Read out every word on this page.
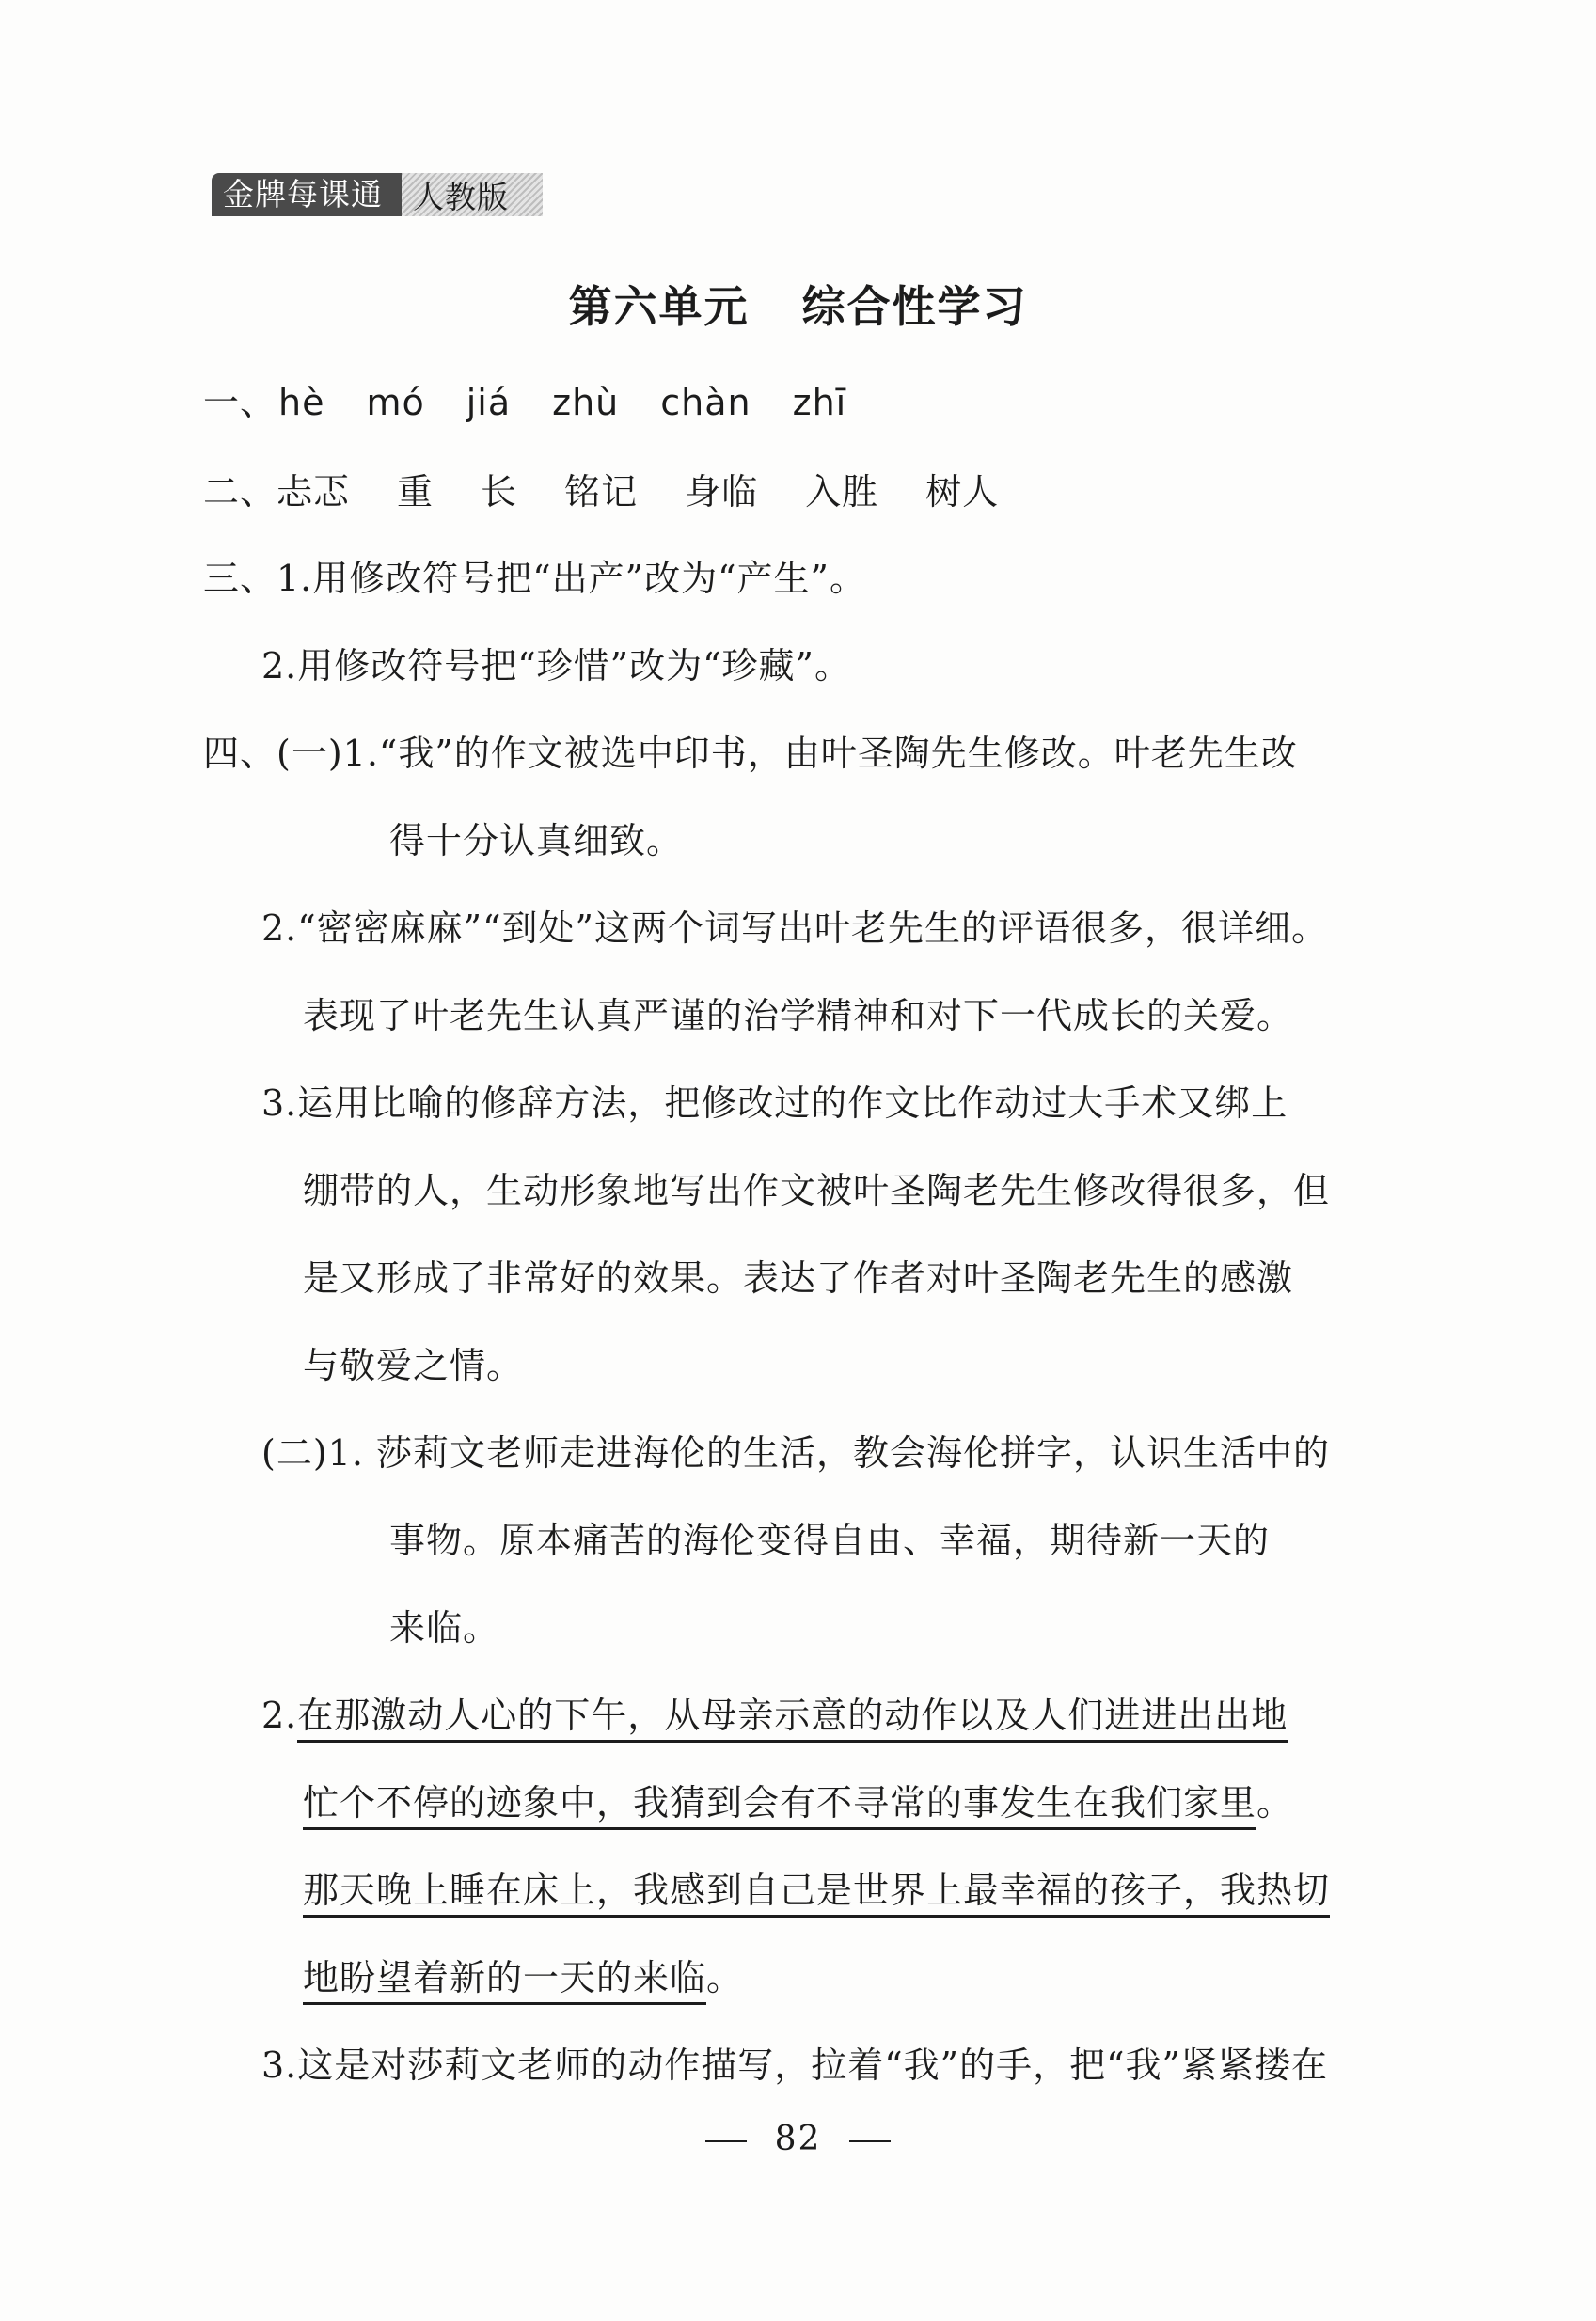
金牌每课通 人教版
第六单元 综合性学习
一、hè mó jiá zhù chàn zhī
二、忐忑 重 长 铭记 身临 入胜 树人
三、1.用修改符号把“出产”改为“产生”。
2.用修改符号把“珍惜”改为“珍藏”。
四、(一)1.“我”的作文被选中印书，由叶圣陶先生修改。叶老先生改
得十分认真细致。
2.“密密麻麻”“到处”这两个词写出叶老先生的评语很多，很详细。
表现了叶老先生认真严谨的治学精神和对下一代成长的关爱。
3.运用比喻的修辞方法，把修改过的作文比作动过大手术又绑上
绷带的人，生动形象地写出作文被叶圣陶老先生修改得很多，但
是又形成了非常好的效果。表达了作者对叶圣陶老先生的感激
与敬爱之情。
(二)1. 莎莉文老师走进海伦的生活，教会海伦拼字，认识生活中的
事物。原本痛苦的海伦变得自由、幸福，期待新一天的
来临。
2.在那激动人心的下午，从母亲示意的动作以及人们进进出出地
忙个不停的迹象中，我猜到会有不寻常的事发生在我们家里。
那天晚上睡在床上，我感到自己是世界上最幸福的孩子，我热切
地盼望着新的一天的来临。
3.这是对莎莉文老师的动作描写，拉着“我”的手，把“我”紧紧搂在
82
